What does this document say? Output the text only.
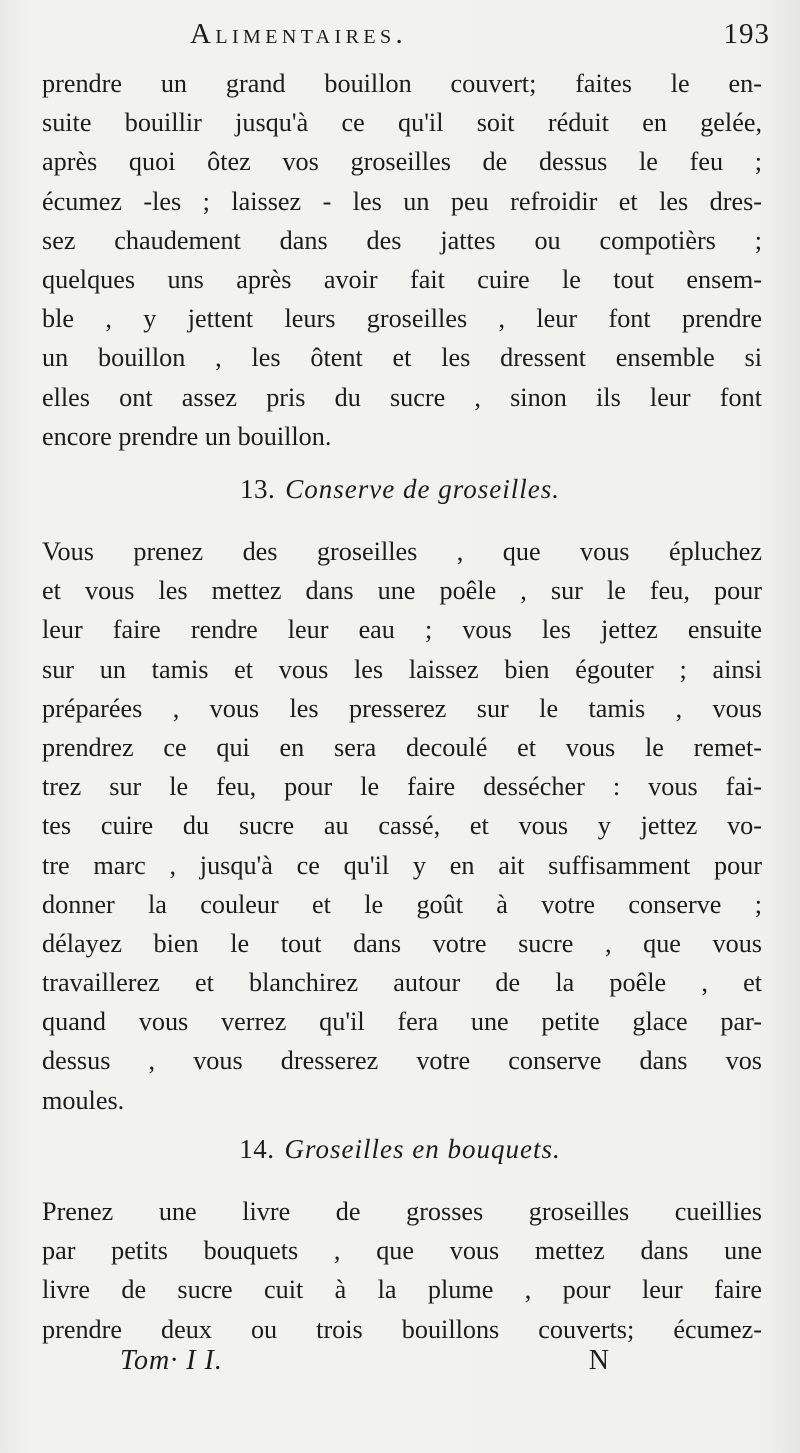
Alimentaires.	193
prendre un grand bouillon couvert; faites le en-
suite bouillir jusqu'à ce qu'il soit réduit en gelée,
après quoi ôtez vos groseilles de dessus le feu ;
écumez -les ; laissez - les un peu refroidir et les dres-
sez chaudement dans des jattes ou compotièrs ;
quelques uns après avoir fait cuire le tout ensem-
ble , y jettent leurs groseilles , leur font prendre
un bouillon , les ôtent et les dressent ensemble si
elles ont assez pris du sucre , sinon ils leur font
encore prendre un bouillon.
13. Conserve de groseilles.
Vous prenez des groseilles , que vous épluchez
et vous les mettez dans une poêle , sur le feu, pour
leur faire rendre leur eau ; vous les jettez ensuite
sur un tamis et vous les laissez bien égouter ; ainsi
préparées , vous les presserez sur le tamis , vous
prendrez ce qui en sera decoulé et vous le remet-
trez sur le feu, pour le faire dessécher : vous fai-
tes cuire du sucre au cassé, et vous y jettez vo-
tre marc , jusqu'à ce qu'il y en ait suffisamment pour
donner la couleur et le goût à votre conserve ;
délayez bien le tout dans votre sucre , que vous
travaillerez et blanchirez autour de la poêle , et
quand vous verrez qu'il fera une petite glace par-
dessus , vous dresserez votre conserve dans vos
moules.
14. Groseilles en bouquets.
Prenez une livre de grosses groseilles cueillies
par petits bouquets , que vous mettez dans une
livre de sucre cuit à la plume , pour leur faire
prendre deux ou trois bouillons couverts; écumez-
Tom· I I.	N
